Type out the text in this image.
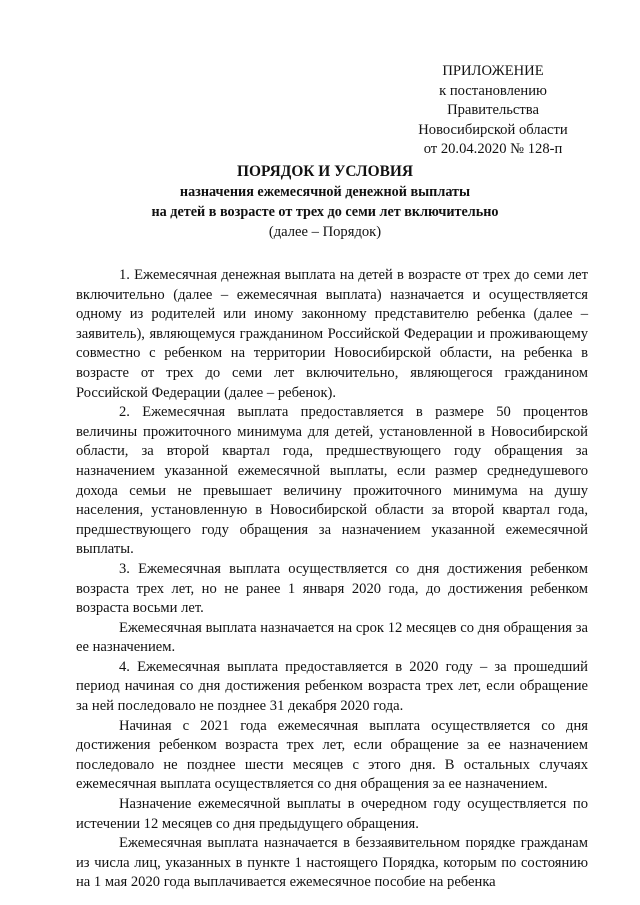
ПРИЛОЖЕНИЕ
к постановлению Правительства
Новосибирской области
от 20.04.2020 № 128-п

ПОРЯДОК И УСЛОВИЯ

назначения ежемесячной денежной выплаты

на детей в возрасте от трех до семи лет включительно

(далее – Порядок)

1. Ежемесячная денежная выплата на детей в возрасте от трех до семи лет включительно (далее – ежемесячная выплата) назначается и осуществляется одному из родителей или иному законному представителю ребенка (далее – заявитель), являющемуся гражданином Российской Федерации и проживающему совместно с ребенком на территории Новосибирской области, на ребенка в возрасте от трех до семи лет включительно, являющегося гражданином Российской Федерации (далее – ребенок).

2. Ежемесячная выплата предоставляется в размере 50 процентов величины прожиточного минимума для детей, установленной в Новосибирской области, за второй квартал года, предшествующего году обращения за назначением указанной ежемесячной выплаты, если размер среднедушевого дохода семьи не превышает величину прожиточного минимума на душу населения, установленную в Новосибирской области за второй квартал года, предшествующего году обращения за назначением указанной ежемесячной выплаты.

3. Ежемесячная выплата осуществляется со дня достижения ребенком возраста трех лет, но не ранее 1 января 2020 года, до достижения ребенком возраста восьми лет.

Ежемесячная выплата назначается на срок 12 месяцев со дня обращения за ее назначением.

4. Ежемесячная выплата предоставляется в 2020 году – за прошедший период начиная со дня достижения ребенком возраста трех лет, если обращение за ней последовало не позднее 31 декабря 2020 года.

Начиная с 2021 года ежемесячная выплата осуществляется со дня достижения ребенком возраста трех лет, если обращение за ее назначением последовало не позднее шести месяцев с этого дня. В остальных случаях ежемесячная выплата осуществляется со дня обращения за ее назначением.

Назначение ежемесячной выплаты в очередном году осуществляется по истечении 12 месяцев со дня предыдущего обращения.

Ежемесячная выплата назначается в беззаявительном порядке гражданам из числа лиц, указанных в пункте 1 настоящего Порядка, которым по состоянию на 1 мая 2020 года выплачивается ежемесячное пособие на ребенка
